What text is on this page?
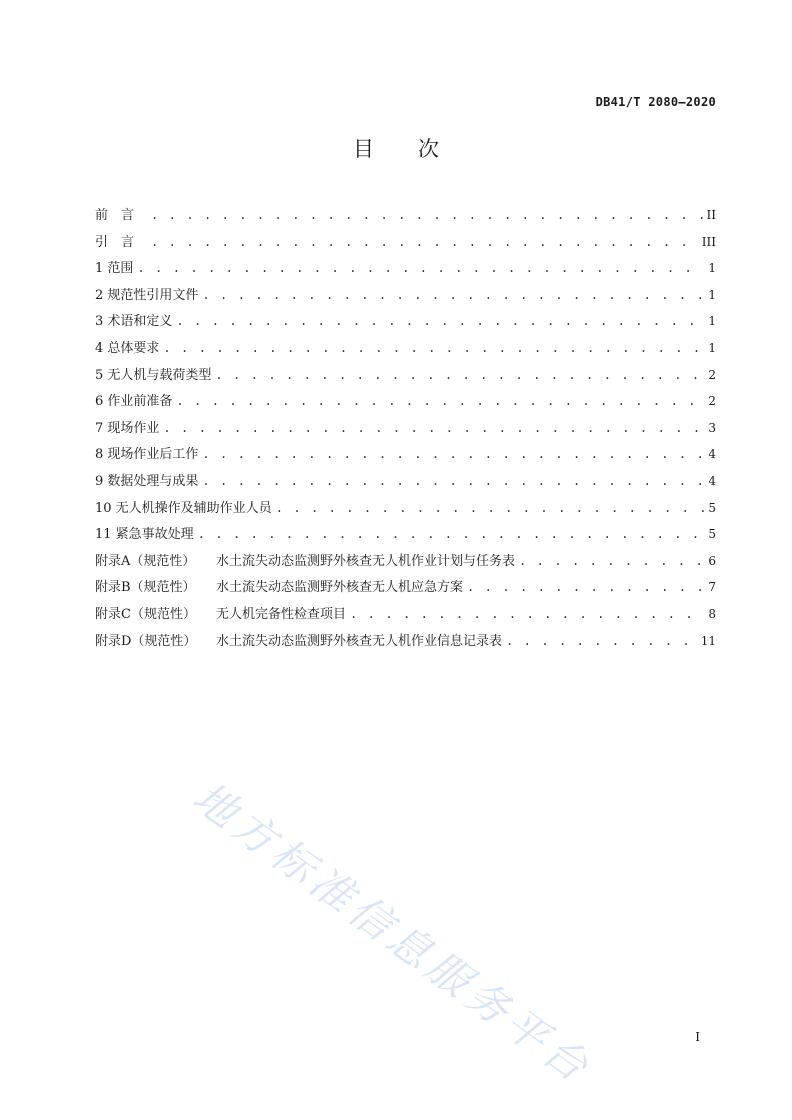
DB41/T 2080—2020
目次
前言 . . .	II
引言 . . .	III
1 范围 . . .	1
2 规范性引用文件 . . .	1
3 术语和定义 . . .	1
4 总体要求 . . .	1
5 无人机与载荷类型 . . .	2
6 作业前准备 . . .	2
7 现场作业 . . .	3
8 现场作业后工作 . . .	4
9 数据处理与成果 . . .	4
10 无人机操作及辅助作业人员 . . .	5
11 紧急事故处理 . . .	5
附录A（规范性） 水土流失动态监测野外核查无人机作业计划与任务表 . . .	6
附录B（规范性） 水土流失动态监测野外核查无人机应急方案 . . .	7
附录C（规范性） 无人机完备性检查项目 . . .	8
附录D（规范性） 水土流失动态监测野外核查无人机作业信息记录表 . . .	11
地方标准信息服务平台	I
